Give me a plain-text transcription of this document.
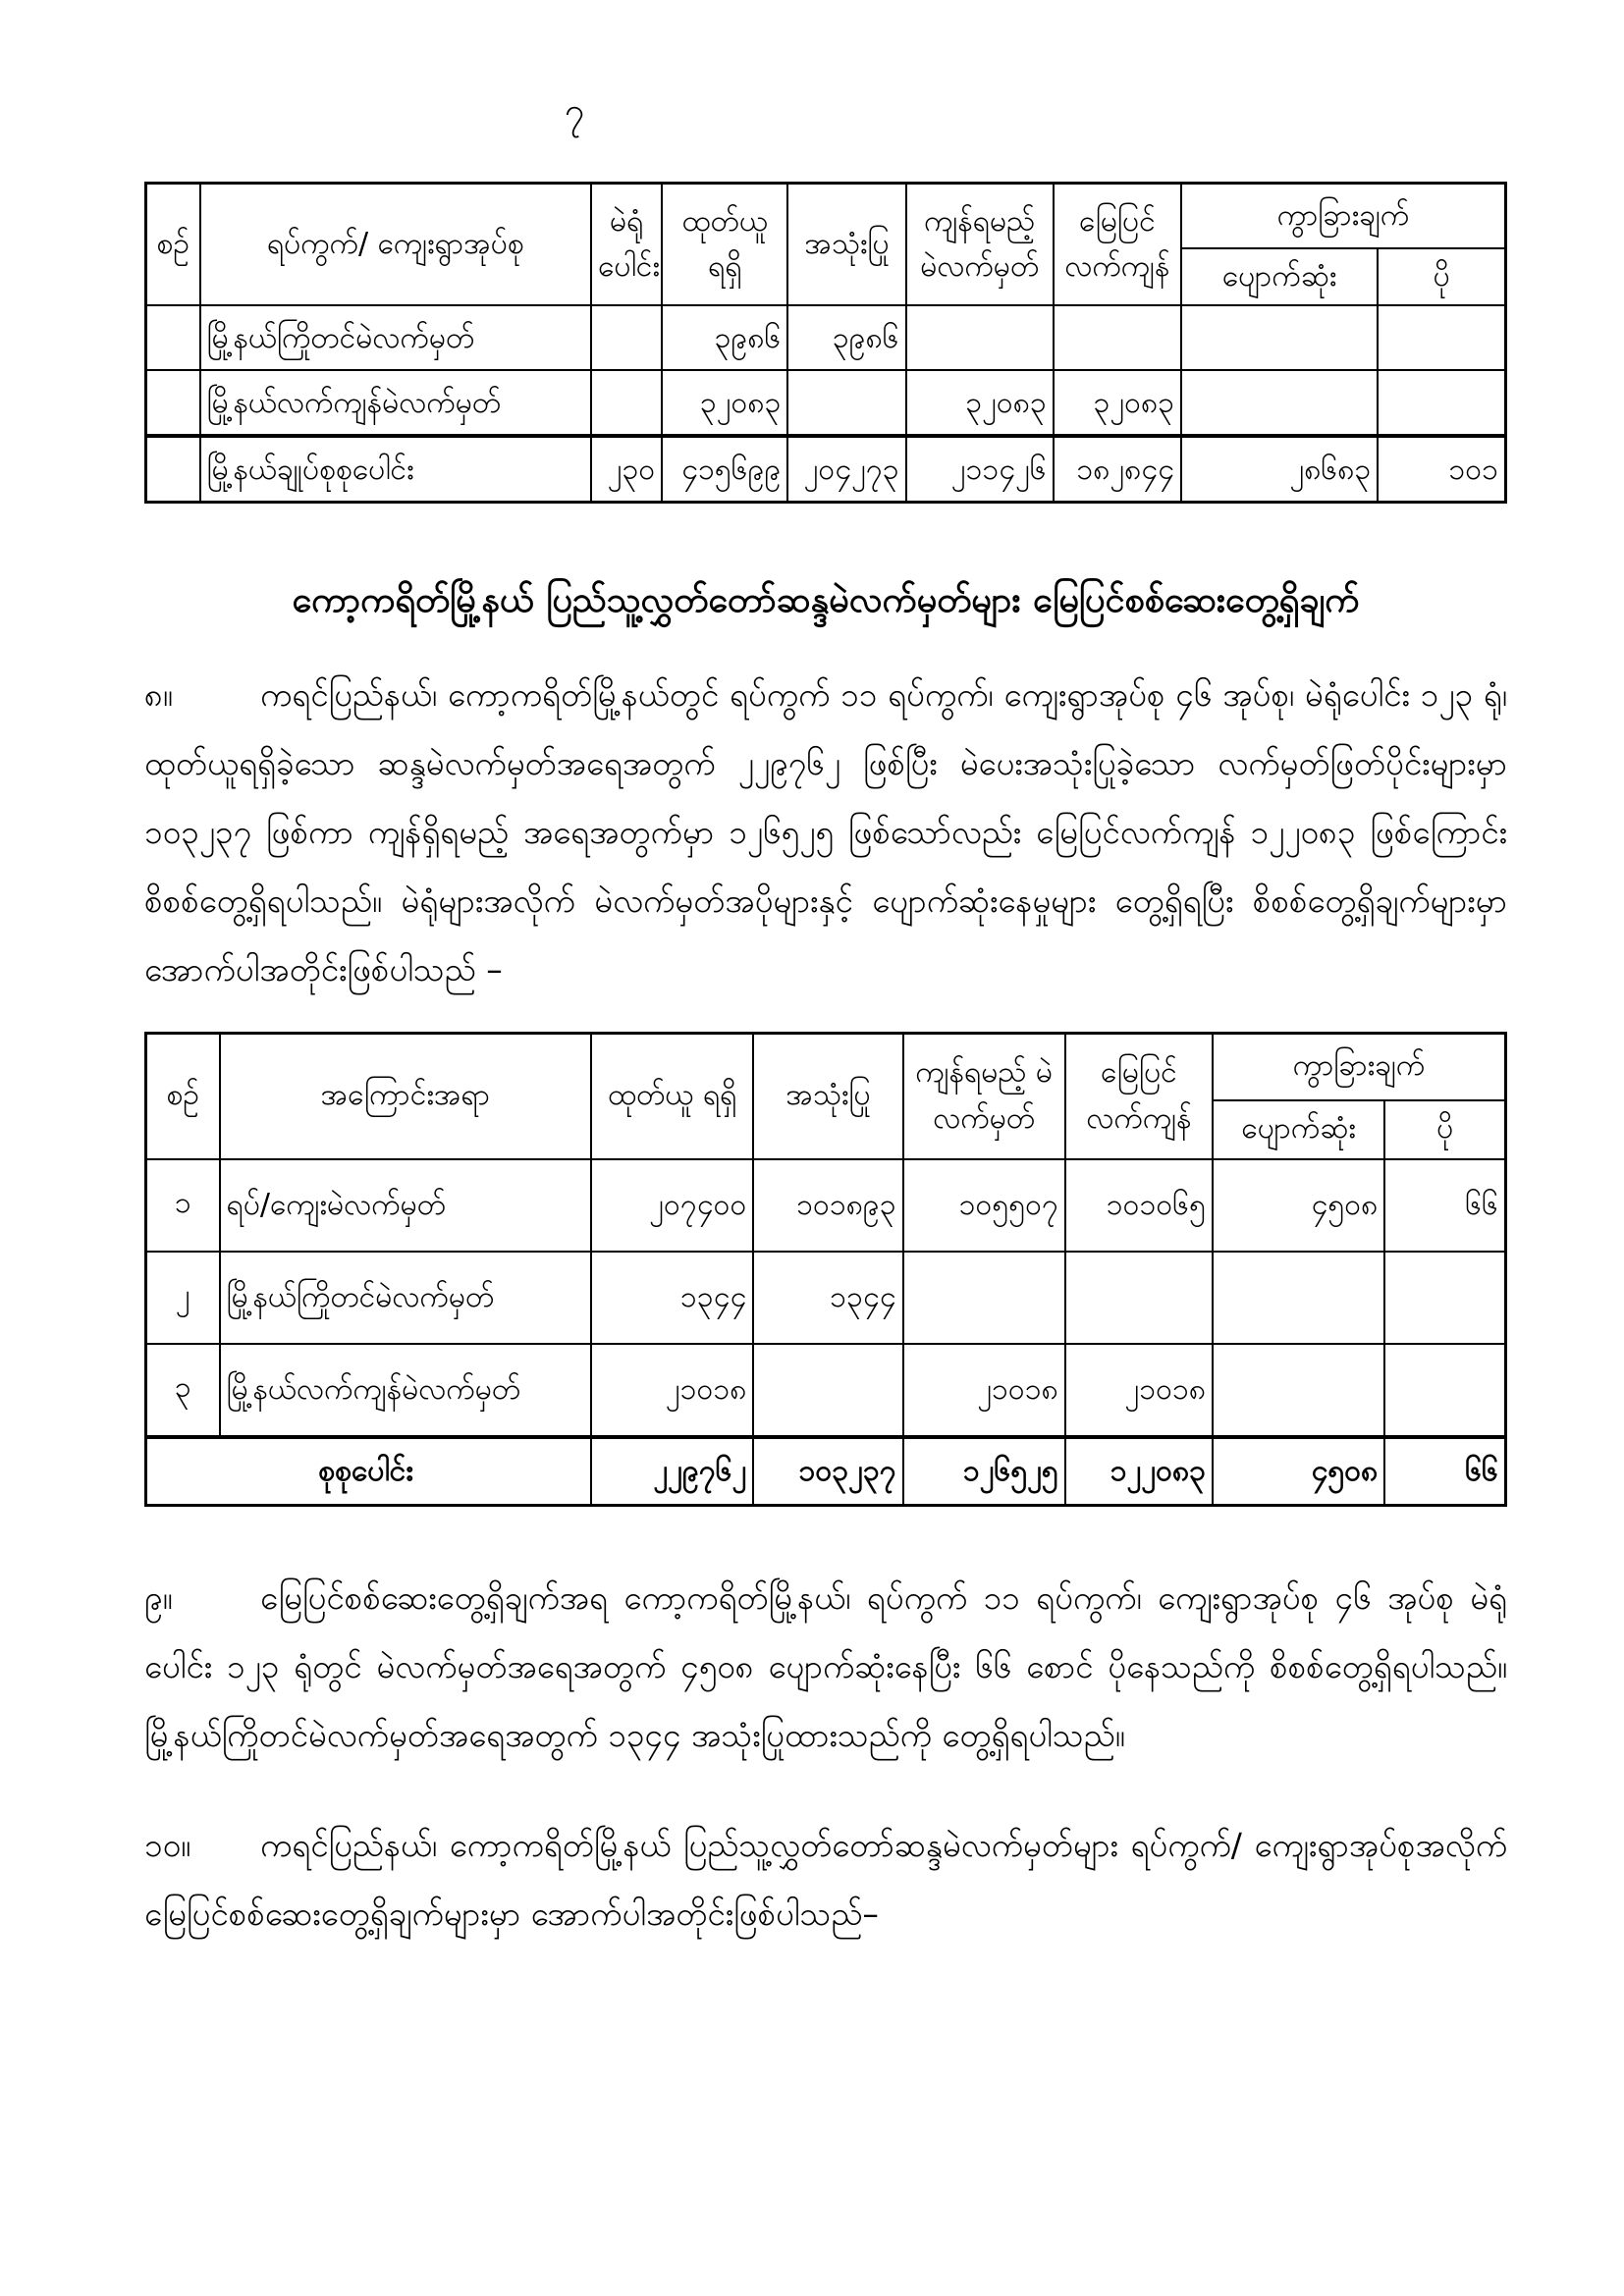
၇
စဉ်	ရပ်ကွက်/ ကျေးရွာအုပ်စု	မဲရုံ ပေါင်း	ထုတ်ယူ ရရှိ	အသုံးပြု	ကျန်ရမည့် မဲလက်မှတ်	မြေပြင် လက်ကျန်	ကွာခြားချက်	
							ပျောက်ဆုံး	ပို
	မြို့နယ်ကြိုတင်မဲလက်မှတ်		၃၉၈၆	၃၉၈၆				
	မြို့နယ်လက်ကျန်မဲလက်မှတ်		၃၂၀၈၃		၃၂၀၈၃	၃၂၀၈၃		
	မြို့နယ်ချုပ်စုစုပေါင်း	၂၃၀	၄၁၅၆၉၉	၂၀၄၂၇၃	၂၁၁၄၂၆	၁၈၂၈၄၄	၂၈၆၈၃	၁၀၁
ကော့ကရိတ်မြို့နယ် ပြည်သူ့လွှတ်တော်ဆန္ဒမဲလက်မှတ်များ မြေပြင်စစ်ဆေးတွေ့ရှိချက်

၈။	ကရင်ပြည်နယ်၊ ကော့ကရိတ်မြို့နယ်တွင် ရပ်ကွက် ၁၁ ရပ်ကွက်၊ ကျေးရွာအုပ်စု ၄၆ အုပ်စု၊ မဲရုံပေါင်း ၁၂၃ ရုံ၊ ထုတ်ယူရရှိခဲ့သော ဆန္ဒမဲလက်မှတ်အရေအတွက် ၂၂၉၇၆၂ ဖြစ်ပြီး မဲပေးအသုံးပြုခဲ့သော လက်မှတ်ဖြတ်ပိုင်းများမှာ ၁၀၃၂၃၇ ဖြစ်ကာ ကျန်ရှိရမည့် အရေအတွက်မှာ ၁၂၆၅၂၅ ဖြစ်သော်လည်း မြေပြင်လက်ကျန် ၁၂၂၀၈၃ ဖြစ်ကြောင်း စိစစ်တွေ့ရှိရပါသည်။ မဲရုံများအလိုက် မဲလက်မှတ်အပိုများနှင့် ပျောက်ဆုံးနေမှုများ တွေ့ရှိရပြီး စိစစ်တွေ့ရှိချက်များမှာ အောက်ပါအတိုင်းဖြစ်ပါသည် –

စဉ်	အကြောင်းအရာ	ထုတ်ယူ ရရှိ	အသုံးပြု	ကျန်ရမည့် မဲလက်မှတ်	မြေပြင် လက်ကျန်	ကွာခြားချက်	
						ပျောက်ဆုံး	ပို
၁	ရပ်/ကျေးမဲလက်မှတ်	၂၀၇၄၀၀	၁၀၁၈၉၃	၁၀၅၅၀၇	၁၀၁၀၆၅	၄၅၀၈	၆၆
၂	မြို့နယ်ကြိုတင်မဲလက်မှတ်	၁၃၄၄	၁၃၄၄				
၃	မြို့နယ်လက်ကျန်မဲလက်မှတ်	၂၁၀၁၈		၂၁၀၁၈	၂၁၀၁၈		
စုစုပေါင်း		၂၂၉၇၆၂	၁၀၃၂၃၇	၁၂၆၅၂၅	၁၂၂၀၈၃	၄၅၀၈	၆၆

၉။	မြေပြင်စစ်ဆေးတွေ့ရှိချက်အရ ကော့ကရိတ်မြို့နယ်၊ ရပ်ကွက် ၁၁ ရပ်ကွက်၊ ကျေးရွာအုပ်စု ၄၆ အုပ်စု မဲရုံပေါင်း ၁၂၃ ရုံတွင် မဲလက်မှတ်အရေအတွက် ၄၅၀၈ ပျောက်ဆုံးနေပြီး ၆၆ စောင် ပိုနေသည်ကို စိစစ်တွေ့ရှိရပါသည်။ မြို့နယ်ကြိုတင်မဲလက်မှတ်အရေအတွက် ၁၃၄၄ အသုံးပြုထားသည်ကို တွေ့ရှိရပါသည်။

၁၀။ ကရင်ပြည်နယ်၊ ကော့ကရိတ်မြို့နယ် ပြည်သူ့လွှတ်တော်ဆန္ဒမဲလက်မှတ်များ ရပ်ကွက်/ ကျေးရွာအုပ်စုအလိုက် မြေပြင်စစ်ဆေးတွေ့ရှိချက်များမှာ အောက်ပါအတိုင်းဖြစ်ပါသည်–
